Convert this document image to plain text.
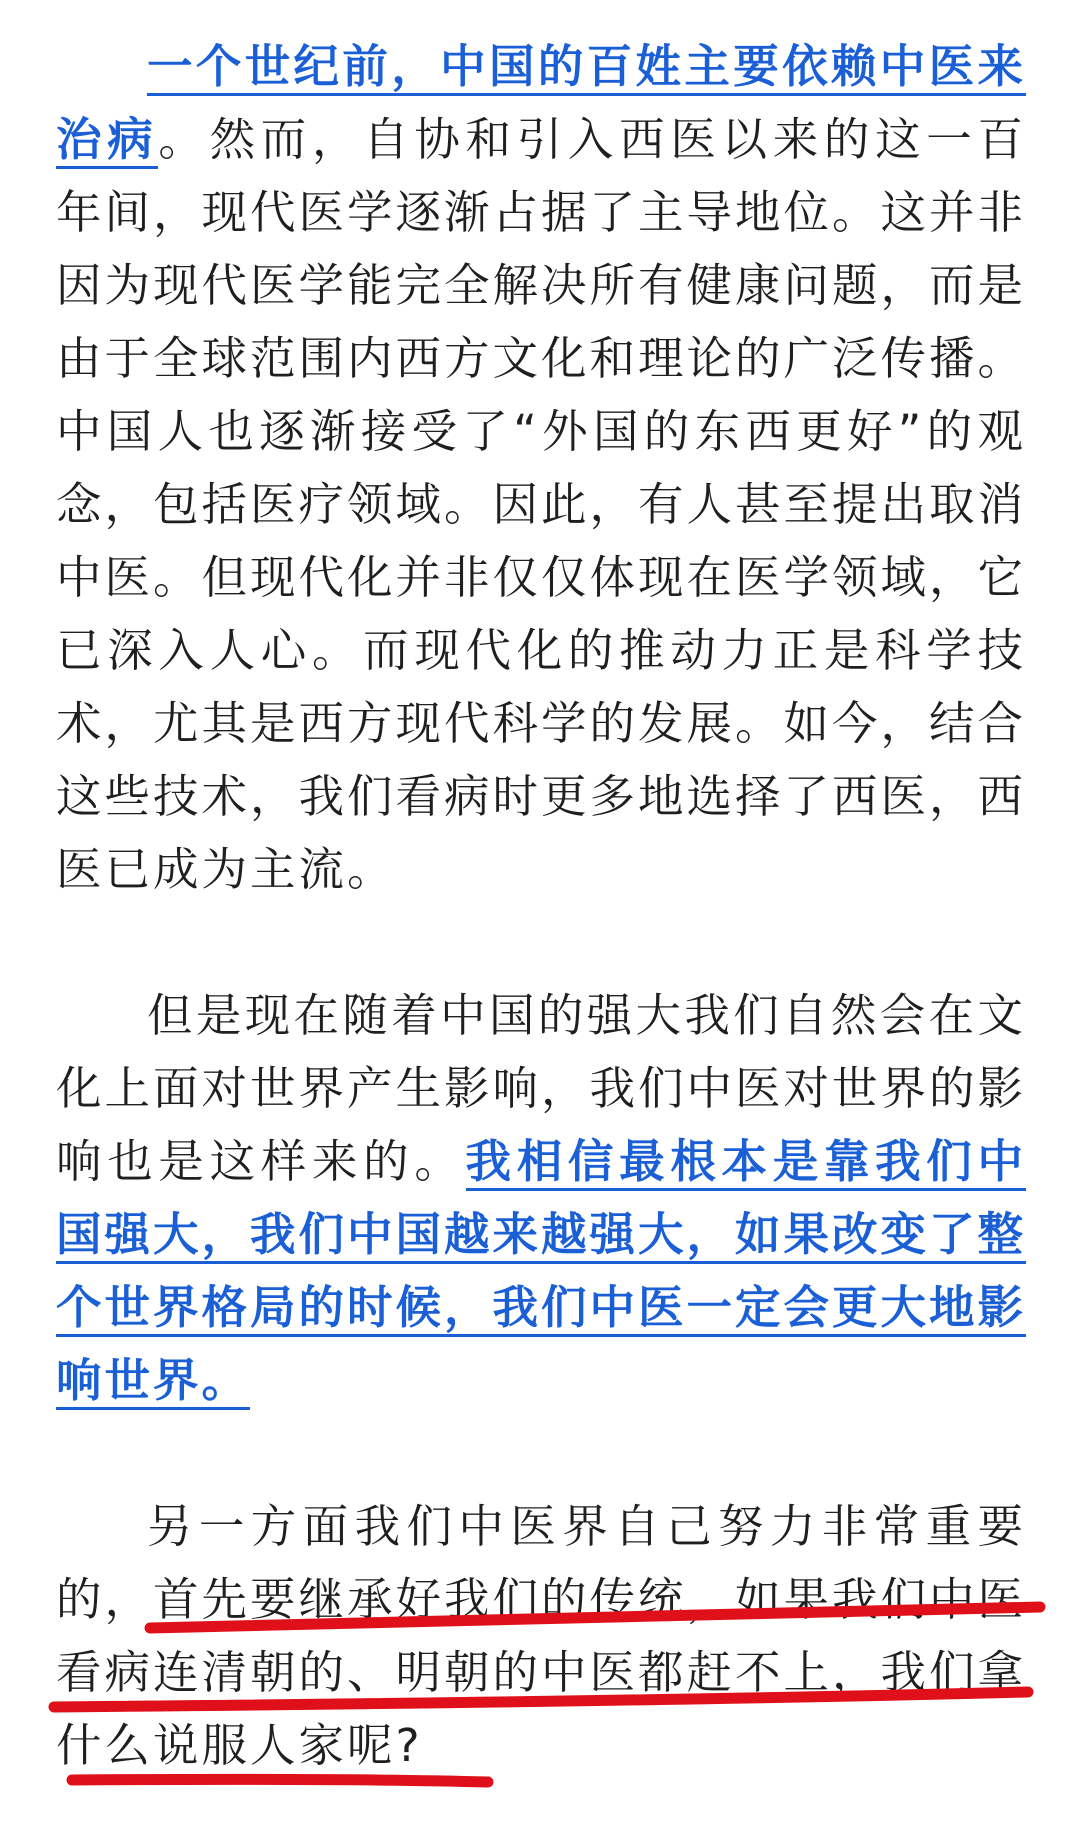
一个世纪前，中国的百姓主要依赖中医来治病。然而，自协和引入西医以来的这一百年间，现代医学逐渐占据了主导地位。这并非因为现代医学能完全解决所有健康问题，而是由于全球范围内西方文化和理论的广泛传播。中国人也逐渐接受了“外国的东西更好”的观念，包括医疗领域。因此，有人甚至提出取消中医。但现代化并非仅仅体现在医学领域，它已深入人心。而现代化的推动力正是科学技术，尤其是西方现代科学的发展。如今，结合这些技术，我们看病时更多地选择了西医，西医已成为主流。

但是现在随着中国的强大我们自然会在文化上面对世界产生影响，我们中医对世界的影响也是这样来的。我相信最根本是靠我们中国强大，我们中国越来越强大，如果改变了整个世界格局的时候，我们中医一定会更大地影响世界。

另一方面我们中医界自己努力非常重要的，首先要继承好我们的传统，如果我们中医看病连清朝的、明朝的中医都赶不上，我们拿什么说服人家呢?
